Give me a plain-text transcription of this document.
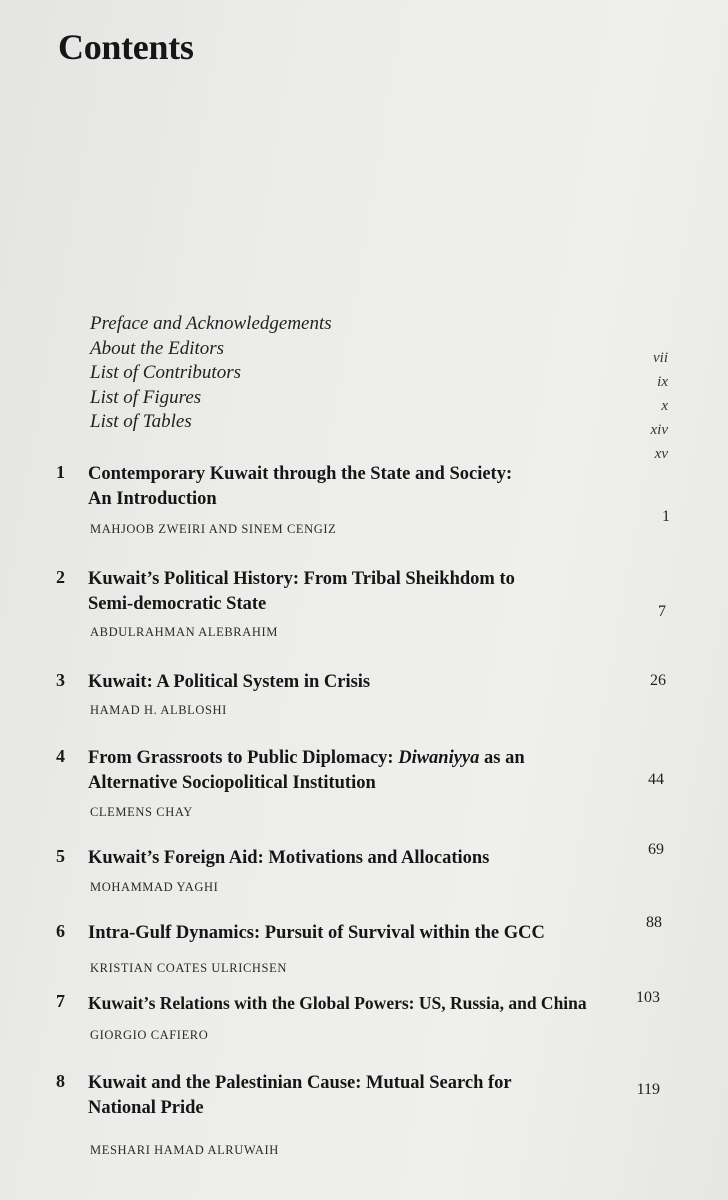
Contents
Preface and Acknowledgements
About the Editors
List of Contributors
List of Figures
List of Tables
vii
ix
x
xiv
xv
1 Contemporary Kuwait through the State and Society:
An Introduction
MAHJOOB ZWEIRI AND SINEM CENGIZ
1
2 Kuwait’s Political History: From Tribal Sheikhdom to
Semi-democratic State
ABDULRAHMAN ALEBRAHIM
7
3 Kuwait: A Political System in Crisis
HAMAD H. ALBLOSHI
26
4 From Grassroots to Public Diplomacy: Diwaniyya as an
Alternative Sociopolitical Institution
CLEMENS CHAY
44
5 Kuwait’s Foreign Aid: Motivations and Allocations
MOHAMMAD YAGHI
69
6 Intra-Gulf Dynamics: Pursuit of Survival within the GCC
KRISTIAN COATES ULRICHSEN
88
7 Kuwait’s Relations with the Global Powers: US, Russia, and China
GIORGIO CAFIERO
103
8 Kuwait and the Palestinian Cause: Mutual Search for
National Pride
MESHARI HAMAD ALRUWAIH
119
